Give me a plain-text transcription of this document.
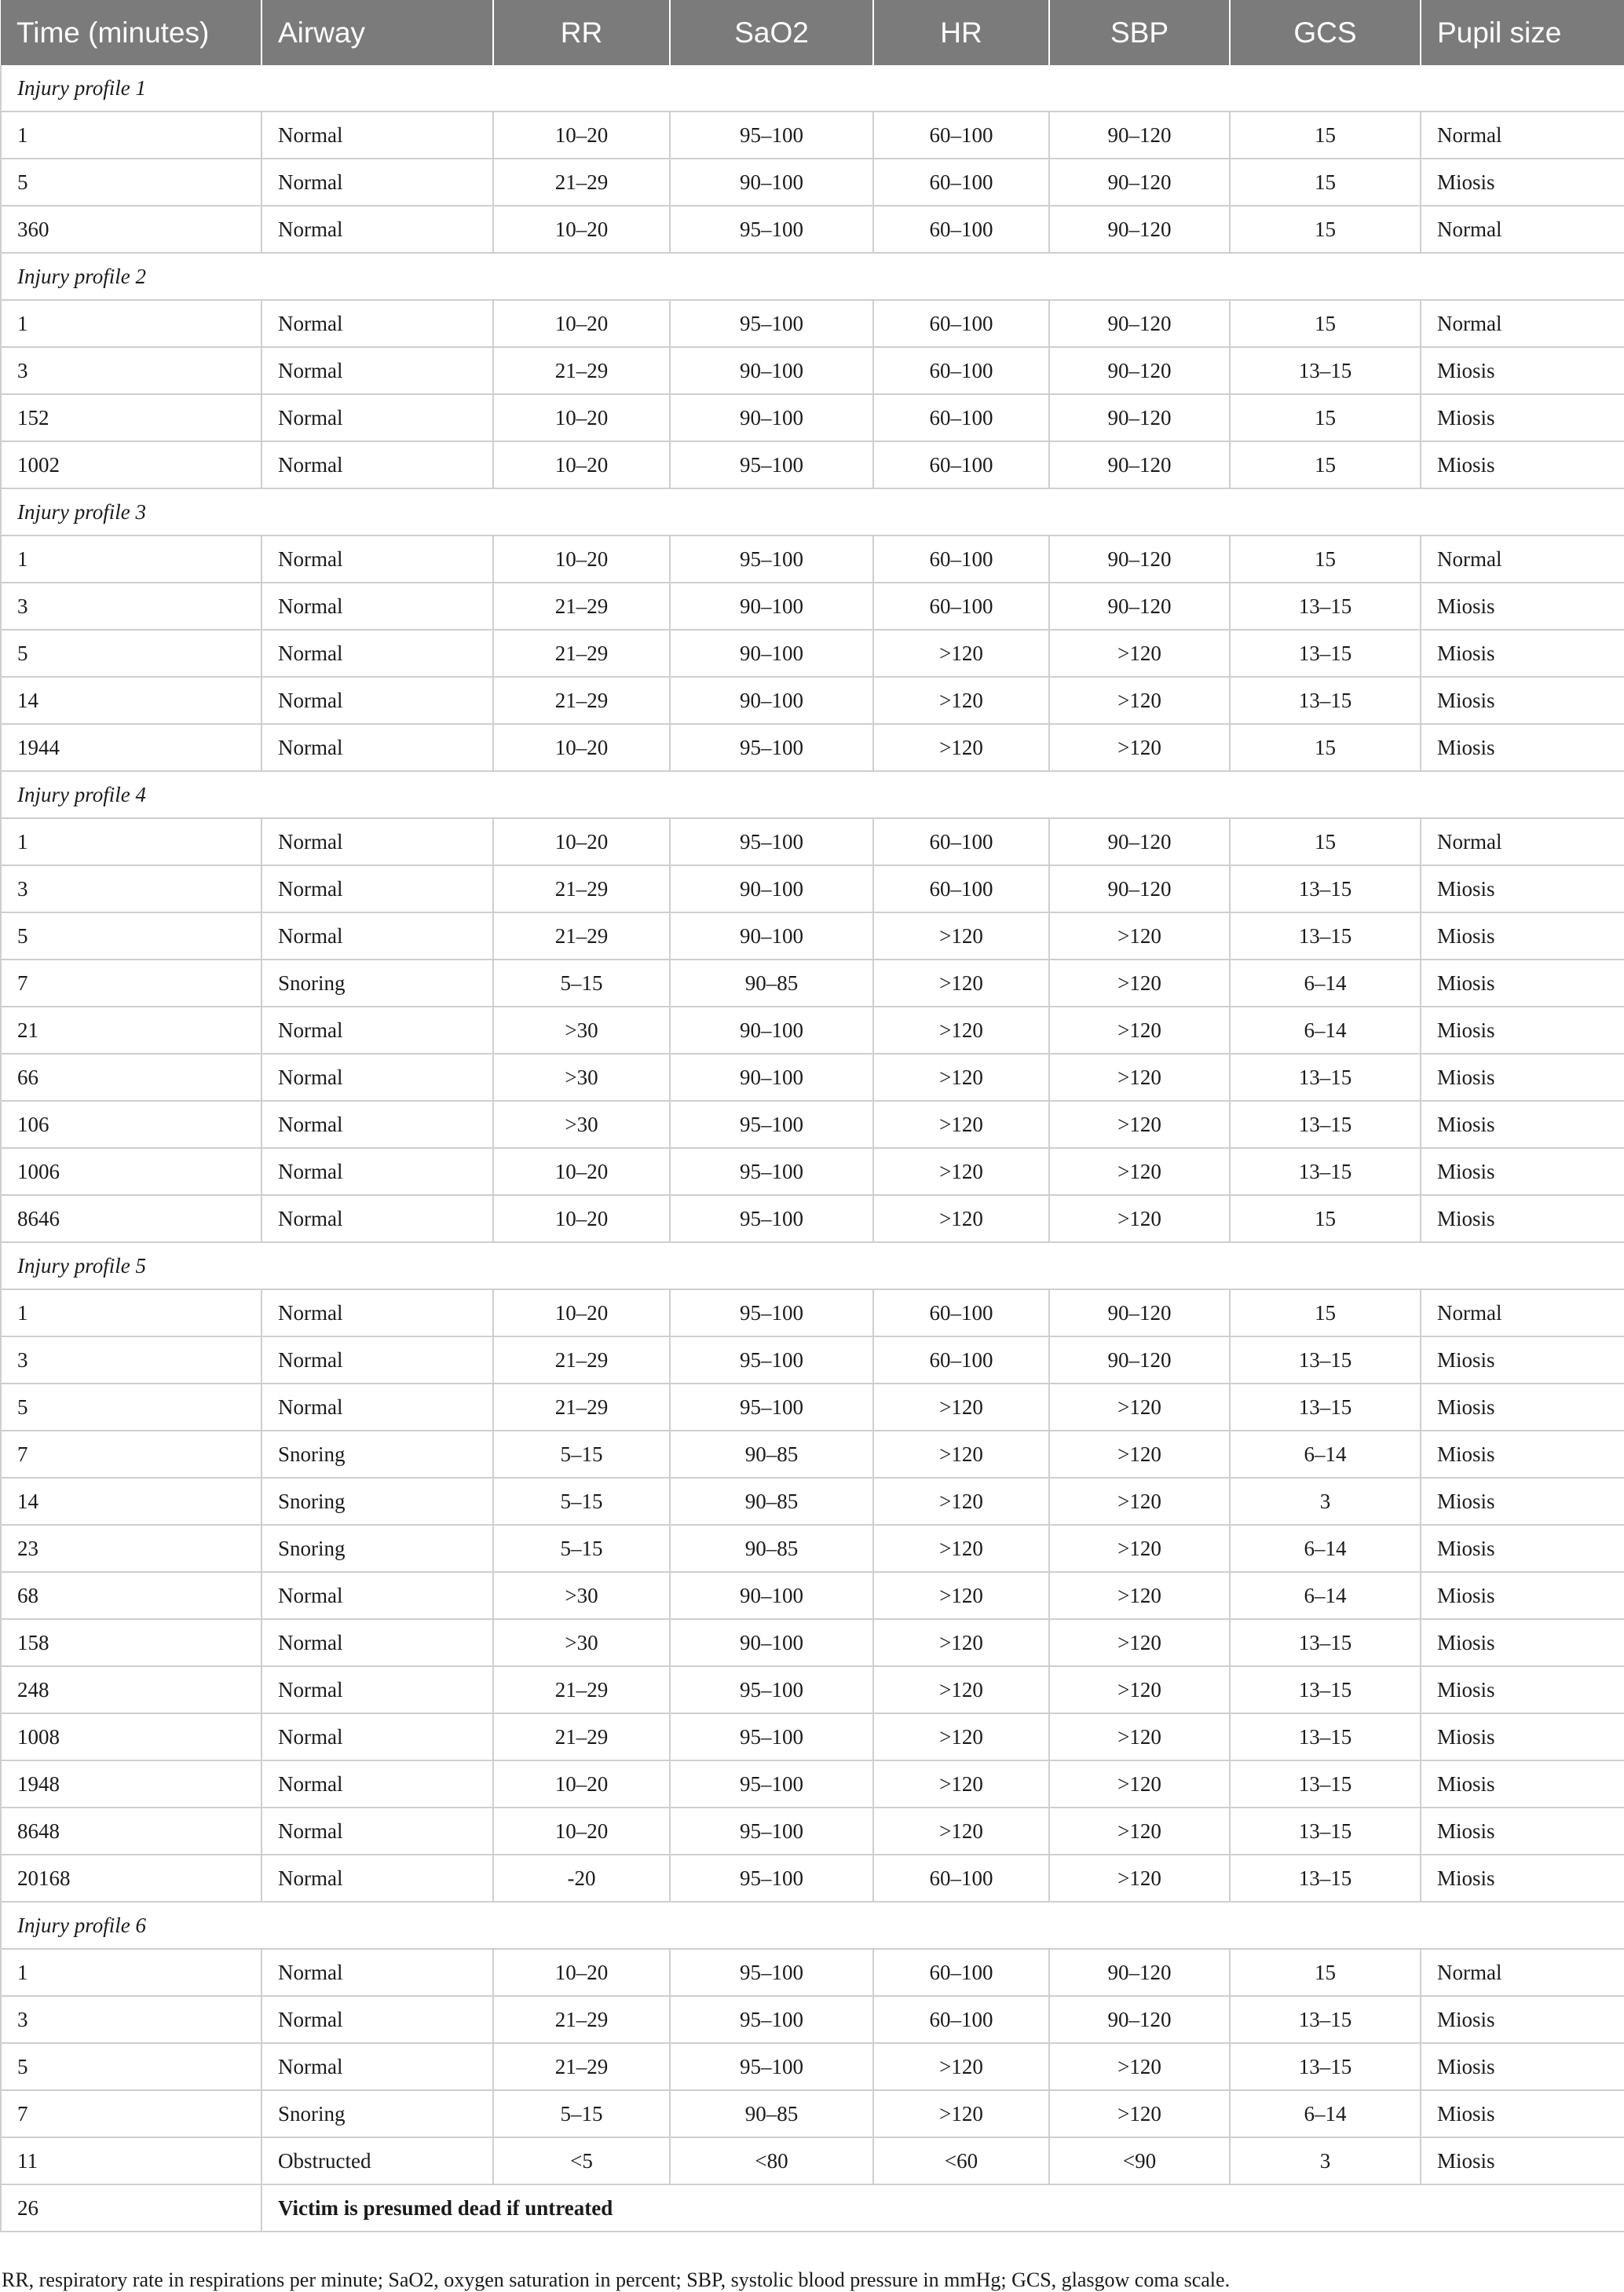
Time (minutes)	Airway	RR	SaO2	HR	SBP	GCS	Pupil size
Injury profile 1							
1	Normal	10–20	95–100	60–100	90–120	15	Normal
5	Normal	21–29	90–100	60–100	90–120	15	Miosis
360	Normal	10–20	95–100	60–100	90–120	15	Normal
Injury profile 2							
1	Normal	10–20	95–100	60–100	90–120	15	Normal
3	Normal	21–29	90–100	60–100	90–120	13–15	Miosis
152	Normal	10–20	90–100	60–100	90–120	15	Miosis
1002	Normal	10–20	95–100	60–100	90–120	15	Miosis
Injury profile 3							
1	Normal	10–20	95–100	60–100	90–120	15	Normal
3	Normal	21–29	90–100	60–100	90–120	13–15	Miosis
5	Normal	21–29	90–100	>120	>120	13–15	Miosis
14	Normal	21–29	90–100	>120	>120	13–15	Miosis
1944	Normal	10–20	95–100	>120	>120	15	Miosis
Injury profile 4							
1	Normal	10–20	95–100	60–100	90–120	15	Normal
3	Normal	21–29	90–100	60–100	90–120	13–15	Miosis
5	Normal	21–29	90–100	>120	>120	13–15	Miosis
7	Snoring	5–15	90–85	>120	>120	6–14	Miosis
21	Normal	>30	90–100	>120	>120	6–14	Miosis
66	Normal	>30	90–100	>120	>120	13–15	Miosis
106	Normal	>30	95–100	>120	>120	13–15	Miosis
1006	Normal	10–20	95–100	>120	>120	13–15	Miosis
8646	Normal	10–20	95–100	>120	>120	15	Miosis
Injury profile 5							
1	Normal	10–20	95–100	60–100	90–120	15	Normal
3	Normal	21–29	95–100	60–100	90–120	13–15	Miosis
5	Normal	21–29	95–100	>120	>120	13–15	Miosis
7	Snoring	5–15	90–85	>120	>120	6–14	Miosis
14	Snoring	5–15	90–85	>120	>120	3	Miosis
23	Snoring	5–15	90–85	>120	>120	6–14	Miosis
68	Normal	>30	90–100	>120	>120	6–14	Miosis
158	Normal	>30	90–100	>120	>120	13–15	Miosis
248	Normal	21–29	95–100	>120	>120	13–15	Miosis
1008	Normal	21–29	95–100	>120	>120	13–15	Miosis
1948	Normal	10–20	95–100	>120	>120	13–15	Miosis
8648	Normal	10–20	95–100	>120	>120	13–15	Miosis
20168	Normal	-20	95–100	60–100	>120	13–15	Miosis
Injury profile 6							
1	Normal	10–20	95–100	60–100	90–120	15	Normal
3	Normal	21–29	95–100	60–100	90–120	13–15	Miosis
5	Normal	21–29	95–100	>120	>120	13–15	Miosis
7	Snoring	5–15	90–85	>120	>120	6–14	Miosis
11	Obstructed	<5	<80	<60	<90	3	Miosis
26	Victim is presumed dead if untreated						
RR, respiratory rate in respirations per minute; SaO2, oxygen saturation in percent; SBP, systolic blood pressure in mmHg; GCS, glasgow coma scale.
